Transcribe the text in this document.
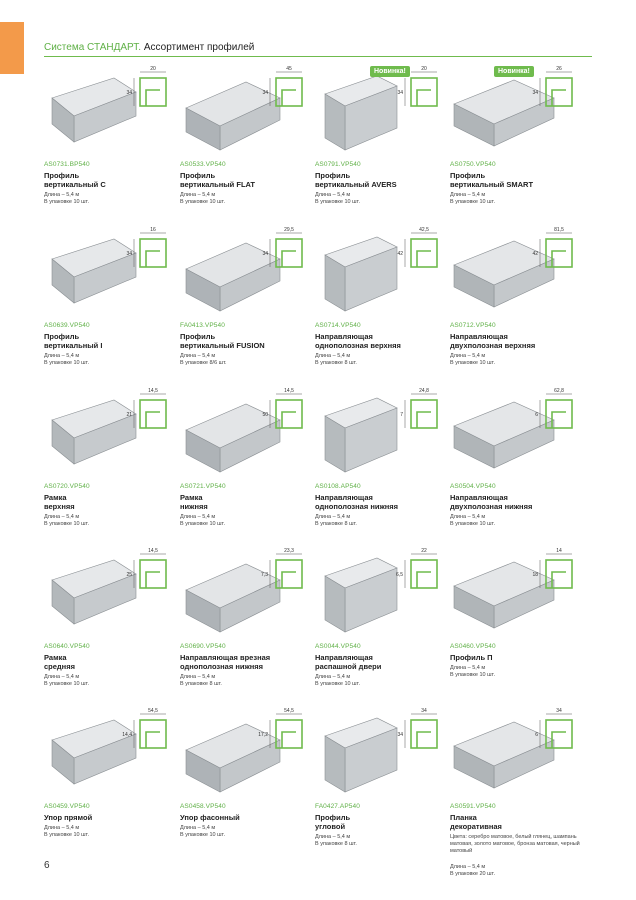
Система СТАНДАРТ. Ассортимент профилей
20
34
AS0731.BP540
Профиль
вертикальный C
Длина – 5,4 м
В упаковке 10 шт.
45
34
AS0533.VP540
Профиль
вертикальный FLAT
Длина – 5,4 м
В упаковке 10 шт.
20
34
AS0791.VP540
Профиль
вертикальный AVERS
Длина – 5,4 м
В упаковке 10 шт.
Новинка!	26
34
AS0750.VP540
Профиль
вертикальный SMART
Длина – 5,4 м
В упаковке 10 шт.
Новинка!
16
34
AS0639.VP540
Профиль
вертикальный I
Длина – 5,4 м
В упаковке 10 шт.
29,5
34
FA0413.VP540
Профиль
вертикальный FUSION
Длина – 5,4 м
В упаковке 8/6 шт.
42,5
42
AS0714.VP540
Направляющая
однополозная верхняя
Длина – 5,4 м
В упаковке 8 шт.
81,5
42
AS0712.VP540
Направляющая
двухполозная верхняя
Длина – 5,4 м
В упаковке 10 шт.
14,5
21
AS0720.VP540
Рамка
верхняя
Длина – 5,4 м
В упаковке 10 шт.
14,5
50
AS0721.VP540
Рамка
нижняя
Длина – 5,4 м
В упаковке 10 шт.
24,8
7
AS0108.AP540
Направляющая
однополозная нижняя
Длина – 5,4 м
В упаковке 8 шт.
62,8
6
AS0504.VP540
Направляющая
двухполозная нижняя
Длина – 5,4 м
В упаковке 10 шт.
14,5
25
AS0640.VP540
Рамка
средняя
Длина – 5,4 м
В упаковке 10 шт.
23,3
7,3
AS0690.VP540
Направляющая врезная
однополозная нижняя
Длина – 5,4 м
В упаковке 8 шт.
22
6,5
AS0044.VP540
Направляющая
распашной двери
Длина – 5,4 м
В упаковке 10 шт.
14
18
AS0460.VP540
Профиль П
Длина – 5,4 м
В упаковке 10 шт.
54,5
14,4
AS0459.VP540
Упор прямой
Длина – 5,4 м
В упаковке 10 шт.
54,5
17,2
AS0458.VP540
Упор фасонный
Длина – 5,4 м
В упаковке 10 шт.
34
34
FA0427.AP540
Профиль
угловой
Длина – 5,4 м
В упаковке 8 шт.
34
6
AS0591.VP540
Планка
декоративная
Цвета: серебро матовое, белый глянец, шампань матовая, золото матовое, бронза матовая, черный матовый
Длина – 5,4 м
В упаковке 20 шт.
6
